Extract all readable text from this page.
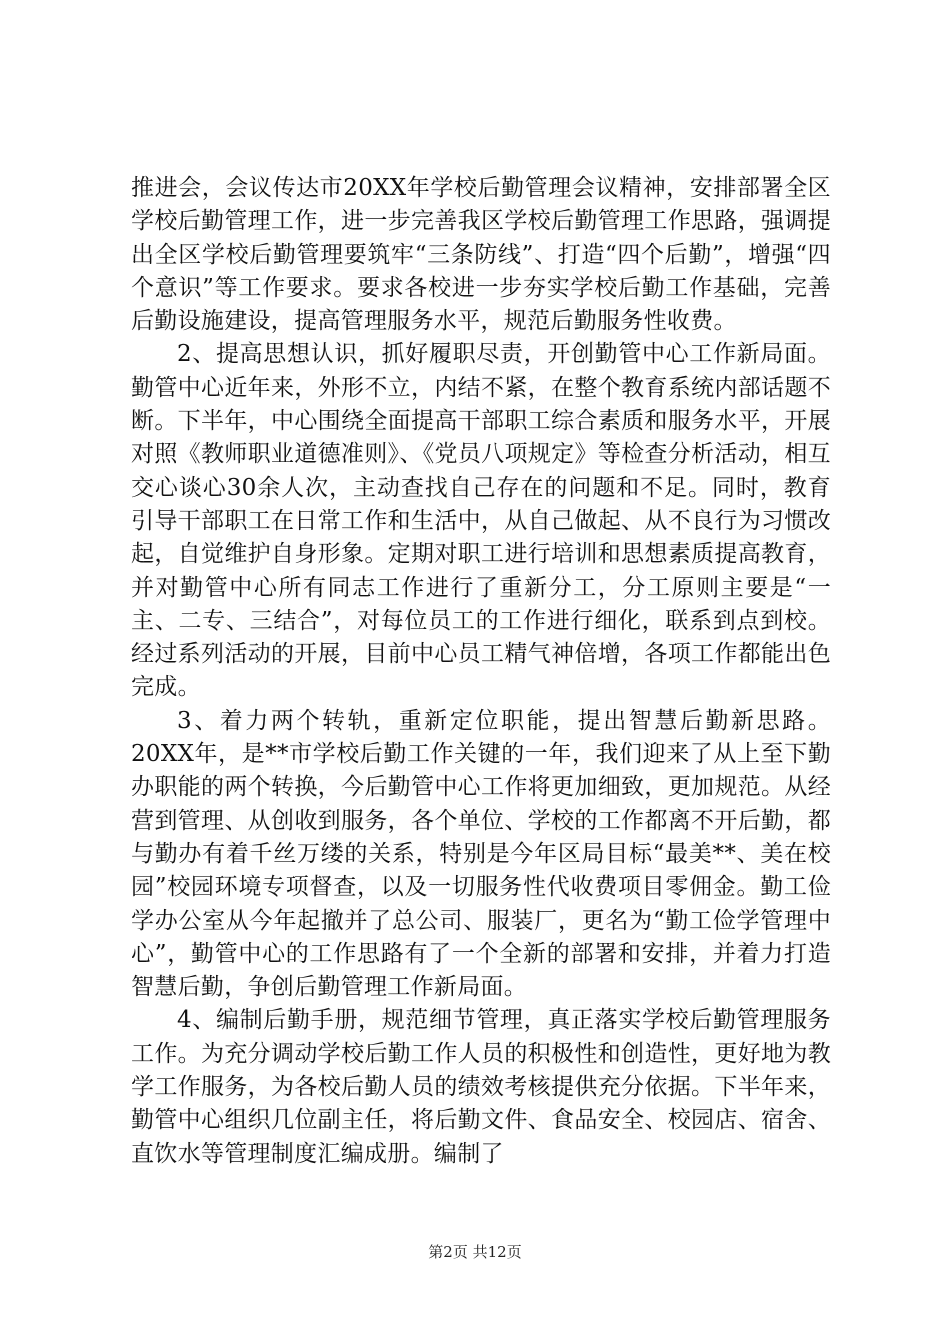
推进会，会议传达市20XX年学校后勤管理会议精神，安排部署全区学校后勤管理工作，进一步完善我区学校后勤管理工作思路，强调提出全区学校后勤管理要筑牢“三条防线”、打造“四个后勤”，增强“四个意识”等工作要求。要求各校进一步夯实学校后勤工作基础，完善后勤设施建设，提高管理服务水平，规范后勤服务性收费。

2、提高思想认识，抓好履职尽责，开创勤管中心工作新局面。勤管中心近年来，外形不立，内结不紧，在整个教育系统内部话题不断。下半年，中心围绕全面提高干部职工综合素质和服务水平，开展对照《教师职业道德准则》、《党员八项规定》等检查分析活动，相互交心谈心30余人次，主动查找自己存在的问题和不足。同时，教育引导干部职工在日常工作和生活中，从自己做起、从不良行为习惯改起，自觉维护自身形象。定期对职工进行培训和思想素质提高教育，并对勤管中心所有同志工作进行了重新分工，分工原则主要是“一主、二专、三结合”，对每位员工的工作进行细化，联系到点到校。经过系列活动的开展，目前中心员工精气神倍增，各项工作都能出色完成。

3、着力两个转轨，重新定位职能，提出智慧后勤新思路。20XX年，是**市学校后勤工作关键的一年，我们迎来了从上至下勤办职能的两个转换，今后勤管中心工作将更加细致，更加规范。从经营到管理、从创收到服务，各个单位、学校的工作都离不开后勤，都与勤办有着千丝万缕的关系，特别是今年区局目标“最美**、美在校园”校园环境专项督查，以及一切服务性代收费项目零佣金。勤工俭学办公室从今年起撤并了总公司、服装厂，更名为“勤工俭学管理中心”，勤管中心的工作思路有了一个全新的部署和安排，并着力打造智慧后勤，争创后勤管理工作新局面。

4、编制后勤手册，规范细节管理，真正落实学校后勤管理服务工作。为充分调动学校后勤工作人员的积极性和创造性，更好地为教学工作服务，为各校后勤人员的绩效考核提供充分依据。下半年来，勤管中心组织几位副主任，将后勤文件、食品安全、校园店、宿舍、直饮水等管理制度汇编成册。编制了

第2页 共12页
